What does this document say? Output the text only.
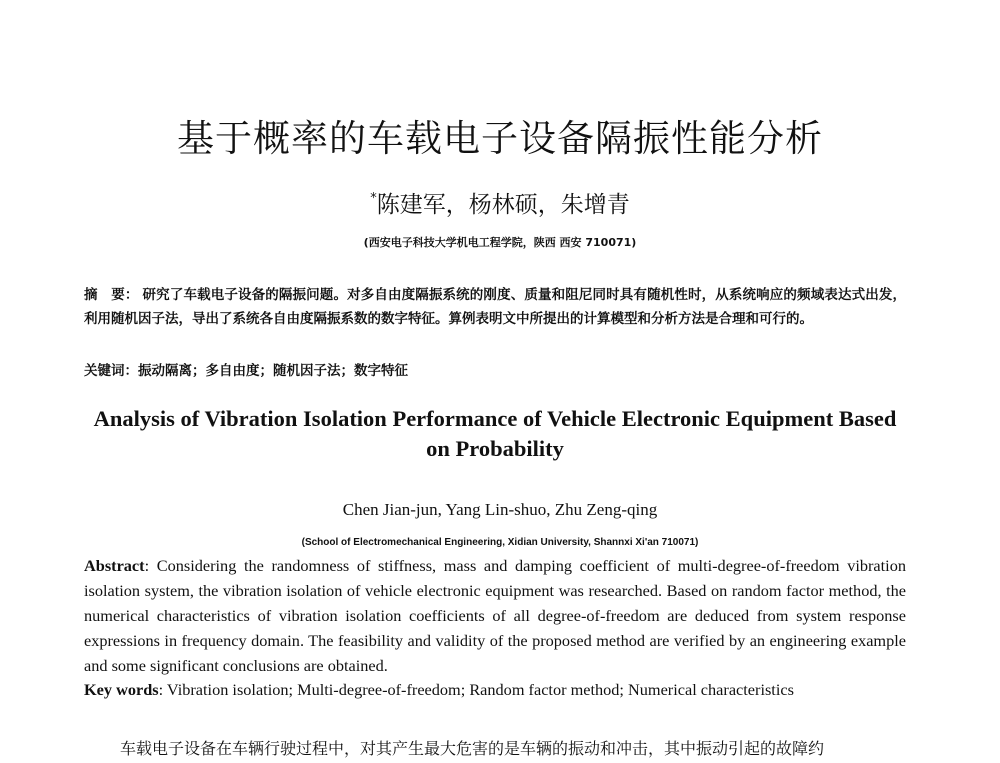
基于概率的车载电子设备隔振性能分析
*陈建军，杨林硕，朱增青
(西安电子科技大学机电工程学院，陕西 西安 710071)
摘　要： 研究了车载电子设备的隔振问题。对多自由度隔振系统的刚度、质量和阻尼同时具有随机性时，从系统响应的频域表达式出发，利用随机因子法，导出了系统各自由度隔振系数的数字特征。算例表明文中所提出的计算模型和分析方法是合理和可行的。
关键词：振动隔离；多自由度；随机因子法；数字特征
Analysis of Vibration Isolation Performance of Vehicle Electronic Equipment Based on Probability
Chen Jian-jun, Yang Lin-shuo, Zhu Zeng-qing
(School of Electromechanical Engineering, Xidian University, Shannxi Xi'an 710071)
Abstract: Considering the randomness of stiffness, mass and damping coefficient of multi-degree-of-freedom vibration isolation system, the vibration isolation of vehicle electronic equipment was researched. Based on random factor method, the numerical characteristics of vibration isolation coefficients of all degree-of-freedom are deduced from system response expressions in frequency domain. The feasibility and validity of the proposed method are verified by an engineering example and some significant conclusions are obtained.
Key words: Vibration isolation; Multi-degree-of-freedom; Random factor method; Numerical characteristics
车载电子设备在车辆行驶过程中，对其产生最大危害的是车辆的振动和冲击，其中振动引起的故障约
